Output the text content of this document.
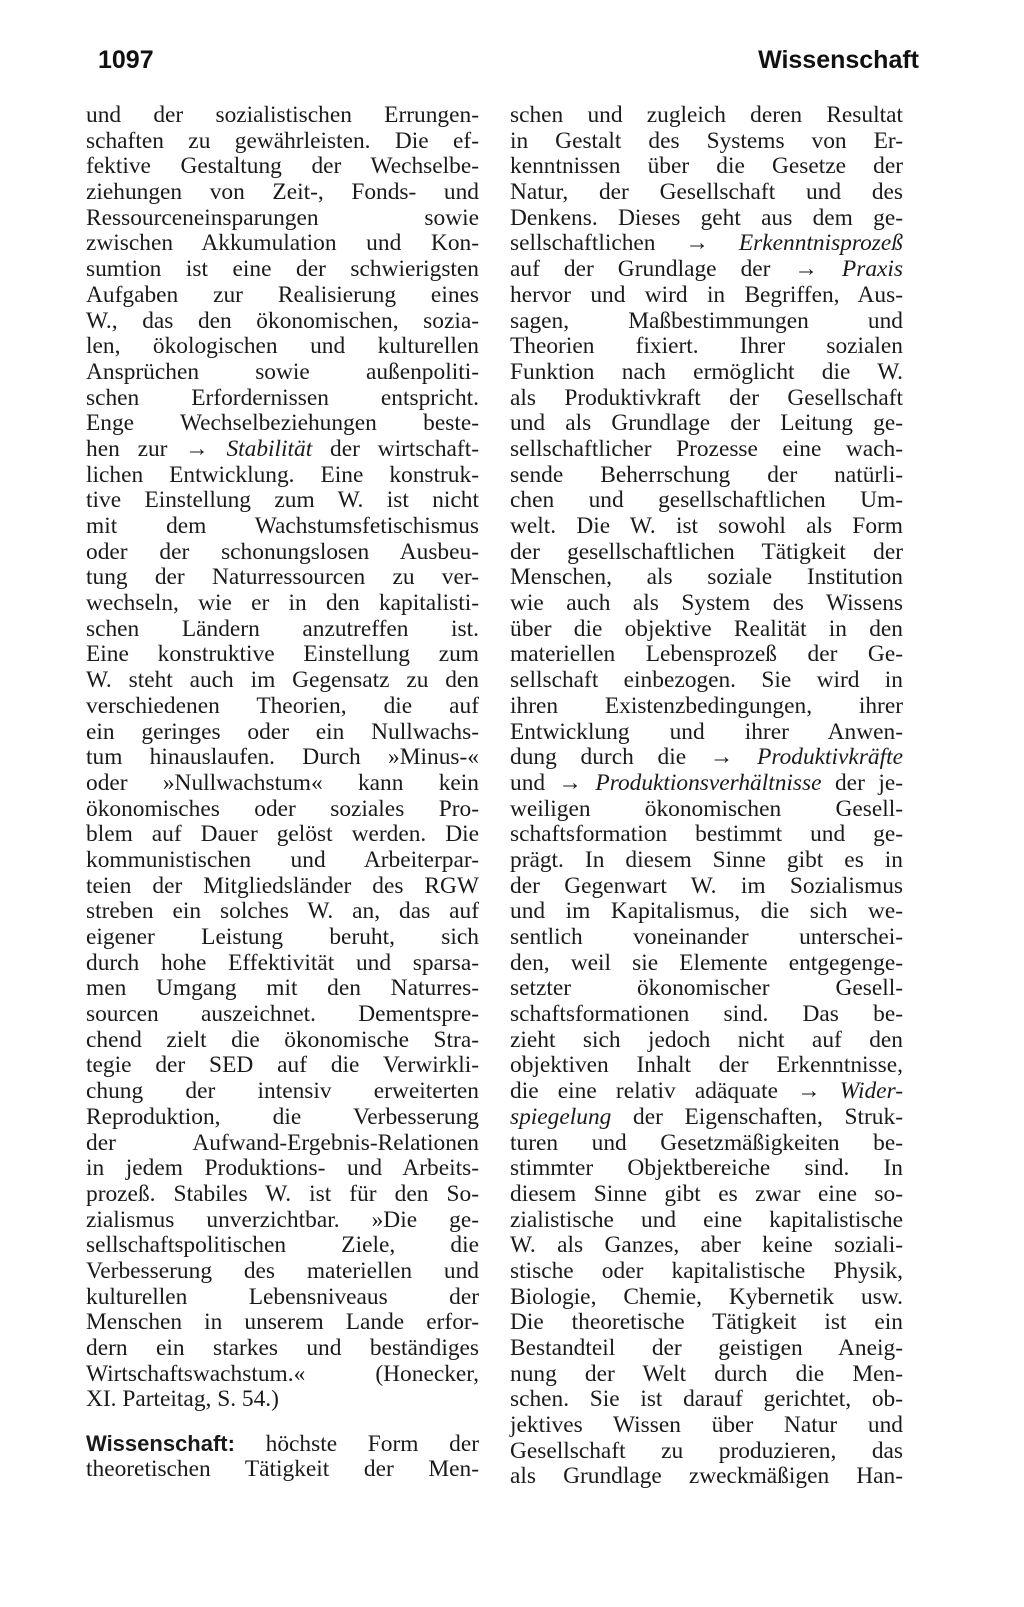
1097	Wissenschaft
und der sozialistischen Errungen-
schaften zu gewährleisten. Die ef-
fektive Gestaltung der Wechselbe-
ziehungen von Zeit-, Fonds- und
Ressourceneinsparungen sowie
zwischen Akkumulation und Kon-
sumtion ist eine der schwierigsten
Aufgaben zur Realisierung eines
W., das den ökonomischen, sozia-
len, ökologischen und kulturellen
Ansprüchen sowie außenpoliti-
schen Erfordernissen entspricht.
Enge Wechselbeziehungen beste-
hen zur → Stabilität der wirtschaft-
lichen Entwicklung. Eine konstruk-
tive Einstellung zum W. ist nicht
mit dem Wachstumsfetischismus
oder der schonungslosen Ausbeu-
tung der Naturressourcen zu ver-
wechseln, wie er in den kapitalisti-
schen Ländern anzutreffen ist.
Eine konstruktive Einstellung zum
W. steht auch im Gegensatz zu den
verschiedenen Theorien, die auf
ein geringes oder ein Nullwachs-
tum hinauslaufen. Durch »Minus-«
oder »Nullwachstum« kann kein
ökonomisches oder soziales Pro-
blem auf Dauer gelöst werden. Die
kommunistischen und Arbeiterpar-
teien der Mitgliedsländer des RGW
streben ein solches W. an, das auf
eigener Leistung beruht, sich
durch hohe Effektivität und sparsa-
men Umgang mit den Naturres-
sourcen auszeichnet. Dementspre-
chend zielt die ökonomische Stra-
tegie der SED auf die Verwirkli-
chung der intensiv erweiterten
Reproduktion, die Verbesserung
der Aufwand-Ergebnis-Relationen
in jedem Produktions- und Arbeits-
prozeß. Stabiles W. ist für den So-
zialismus unverzichtbar. »Die ge-
sellschaftspolitischen Ziele, die
Verbesserung des materiellen und
kulturellen Lebensniveaus der
Menschen in unserem Lande erfor-
dern ein starkes und beständiges
Wirtschaftswachstum.« (Honecker,
XI. Parteitag, S. 54.)
Wissenschaft: höchste Form der
theoretischen Tätigkeit der Men-
schen und zugleich deren Resultat
in Gestalt des Systems von Er-
kenntnissen über die Gesetze der
Natur, der Gesellschaft und des
Denkens. Dieses geht aus dem ge-
sellschaftlichen → Erkenntnisprozeß
auf der Grundlage der → Praxis
hervor und wird in Begriffen, Aus-
sagen, Maßbestimmungen und
Theorien fixiert. Ihrer sozialen
Funktion nach ermöglicht die W.
als Produktivkraft der Gesellschaft
und als Grundlage der Leitung ge-
sellschaftlicher Prozesse eine wach-
sende Beherrschung der natürli-
chen und gesellschaftlichen Um-
welt. Die W. ist sowohl als Form
der gesellschaftlichen Tätigkeit der
Menschen, als soziale Institution
wie auch als System des Wissens
über die objektive Realität in den
materiellen Lebensprozeß der Ge-
sellschaft einbezogen. Sie wird in
ihren Existenzbedingungen, ihrer
Entwicklung und ihrer Anwen-
dung durch die → Produktivkräfte
und → Produktionsverhältnisse der je-
weiligen ökonomischen Gesell-
schaftsformation bestimmt und ge-
prägt. In diesem Sinne gibt es in
der Gegenwart W. im Sozialismus
und im Kapitalismus, die sich we-
sentlich voneinander unterschei-
den, weil sie Elemente entgegenge-
setzter ökonomischer Gesell-
schaftsformationen sind. Das be-
zieht sich jedoch nicht auf den
objektiven Inhalt der Erkenntnisse,
die eine relativ adäquate → Wider-
spiegelung der Eigenschaften, Struk-
turen und Gesetzmäßigkeiten be-
stimmter Objektbereiche sind. In
diesem Sinne gibt es zwar eine so-
zialistische und eine kapitalistische
W. als Ganzes, aber keine soziali-
stische oder kapitalistische Physik,
Biologie, Chemie, Kybernetik usw.
Die theoretische Tätigkeit ist ein
Bestandteil der geistigen Aneig-
nung der Welt durch die Men-
schen. Sie ist darauf gerichtet, ob-
jektives Wissen über Natur und
Gesellschaft zu produzieren, das
als Grundlage zweckmäßigen Han-
